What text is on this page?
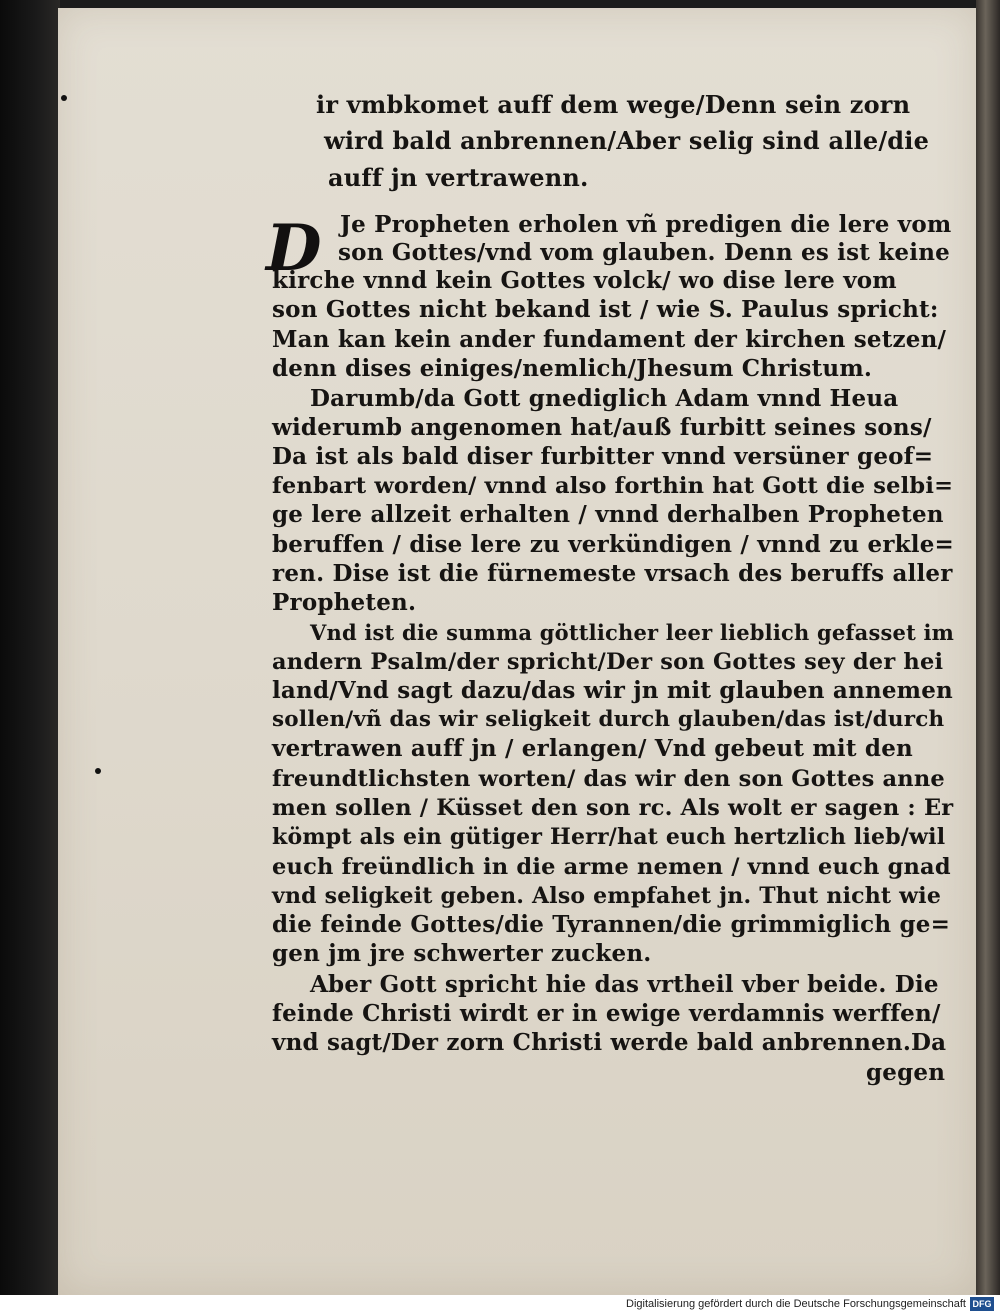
ir vmbkomet auff dem wege/Denn sein zorn
wird bald anbrennen/Aber selig sind alle/die
auff jn vertrawenn.
D Je Propheten erholen vñ predigen die lere vom
son Gottes/vnd vom glauben. Denn es ist keine
kirche vnnd kein Gottes volck/ wo dise lere vom
son Gottes nicht bekand ist / wie S. Paulus spricht:
Man kan kein ander fundament der kirchen setzen/
denn dises einiges/nemlich/Jhesum Christum.
Darumb/da Gott gnediglich Adam vnnd Heua
widerumb angenomen hat/auß furbitt seines sons/
Da ist als bald diser furbitter vnnd versüner geof=
fenbart worden/ vnnd also forthin hat Gott die selbi=
ge lere allzeit erhalten / vnnd derhalben Propheten
beruffen / dise lere zu verkündigen / vnnd zu erkle=
ren. Dise ist die fürnemeste vrsach des beruffs aller
Propheten.
Vnd ist die summa göttlicher leer lieblich gefasset im
andern Psalm/der spricht/Der son Gottes sey der hei
land/Vnd sagt dazu/das wir jn mit glauben annemen
sollen/vñ das wir seligkeit durch glauben/das ist/durch
vertrawen auff jn / erlangen/ Vnd gebeut mit den
freundtlichsten worten/ das wir den son Gottes anne
men sollen / Küsset den son rc. Als wolt er sagen : Er
kömpt als ein gütiger Herr/hat euch hertzlich lieb/wil
euch freündlich in die arme nemen / vnnd euch gnad
vnd seligkeit geben. Also empfahet jn. Thut nicht wie
die feinde Gottes/die Tyrannen/die grimmiglich ge=
gen jm jre schwerter zucken.
Aber Gott spricht hie das vrtheil vber beide. Die
feinde Christi wirdt er in ewige verdamnis werffen/
vnd sagt/Der zorn Christi werde bald anbrennen.Da
gegen
Digitalisierung gefördert durch die Deutsche Forschungsgemeinschaft DFG
